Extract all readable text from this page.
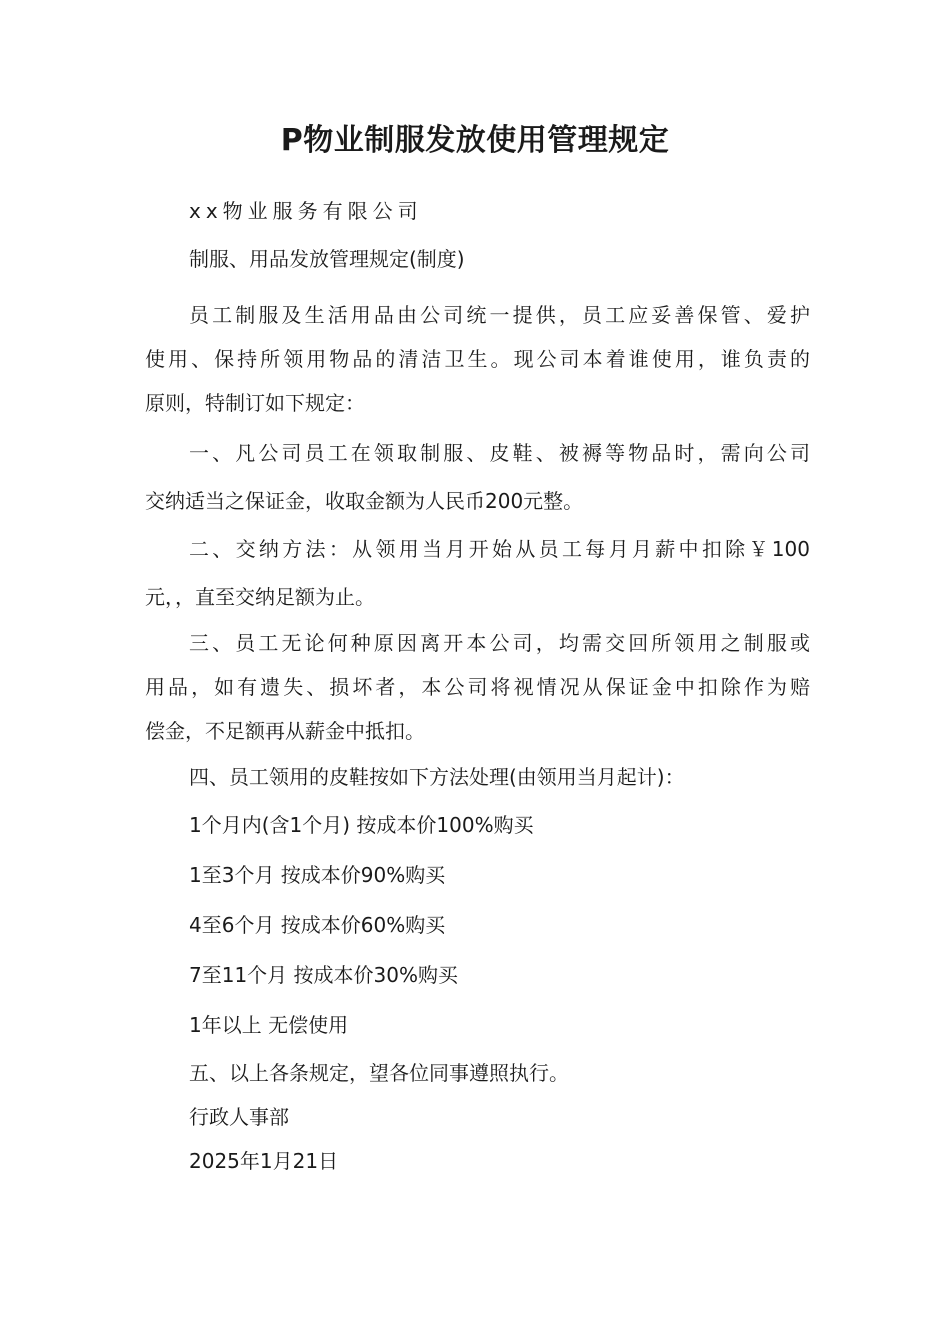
P物业制服发放使用管理规定
xx物业服务有限公司
制服、用品发放管理规定(制度)
员工制服及生活用品由公司统一提供，员工应妥善保管、爱护
使用、保持所领用物品的清洁卫生。现公司本着谁使用，谁负责的
原则，特制订如下规定：
一、凡公司员工在领取制服、皮鞋、被褥等物品时，需向公司
交纳适当之保证金，收取金额为人民币200元整。
二、交纳方法：从领用当月开始从员工每月月薪中扣除￥100
元，，直至交纳足额为止。
三、员工无论何种原因离开本公司，均需交回所领用之制服或
用品，如有遗失、损坏者，本公司将视情况从保证金中扣除作为赔
偿金，不足额再从薪金中抵扣。
四、员工领用的皮鞋按如下方法处理(由领用当月起计)：
1个月内(含1个月) 按成本价100%购买
1至3个月 按成本价90%购买
4至6个月 按成本价60%购买
7至11个月 按成本价30%购买
1年以上 无偿使用
五、以上各条规定，望各位同事遵照执行。
行政人事部
2025年1月21日
